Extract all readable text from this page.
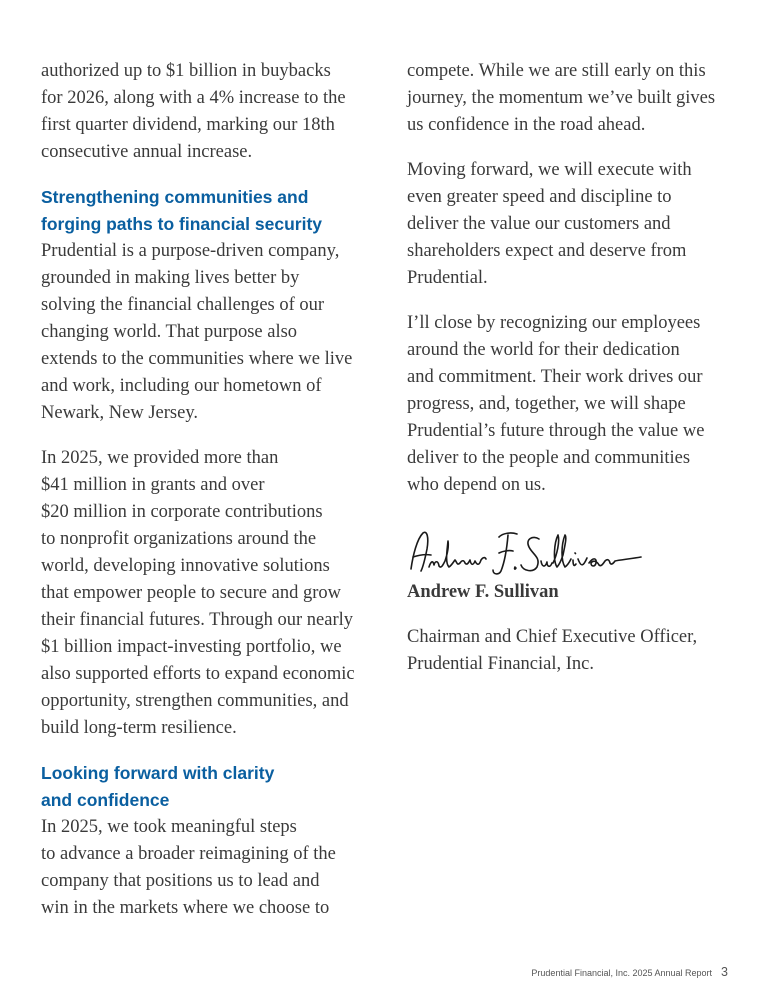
authorized up to $1 billion in buybacks
for 2026, along with a 4% increase to the
first quarter dividend, marking our 18th
consecutive annual increase.

Strengthening communities and
forging paths to financial security

Prudential is a purpose-driven company,
grounded in making lives better by
solving the financial challenges of our
changing world. That purpose also
extends to the communities where we live
and work, including our hometown of
Newark, New Jersey.

In 2025, we provided more than
$41 million in grants and over
$20 million in corporate contributions
to nonprofit organizations around the
world, developing innovative solutions
that empower people to secure and grow
their financial futures. Through our nearly
$1 billion impact-investing portfolio, we
also supported efforts to expand economic
opportunity, strengthen communities, and
build long-term resilience.

Looking forward with clarity
and confidence

In 2025, we took meaningful steps
to advance a broader reimagining of the
company that positions us to lead and
win in the markets where we choose to

compete. While we are still early on this
journey, the momentum we’ve built gives
us confidence in the road ahead.

Moving forward, we will execute with
even greater speed and discipline to
deliver the value our customers and
shareholders expect and deserve from
Prudential.

I’ll close by recognizing our employees
around the world for their dedication
and commitment. Their work drives our
progress, and, together, we will shape
Prudential’s future through the value we
deliver to the people and communities
who depend on us.

Andrew F. Sullivan

Chairman and Chief Executive Officer,
Prudential Financial, Inc.

Prudential Financial, Inc. 2025 Annual Report 3
